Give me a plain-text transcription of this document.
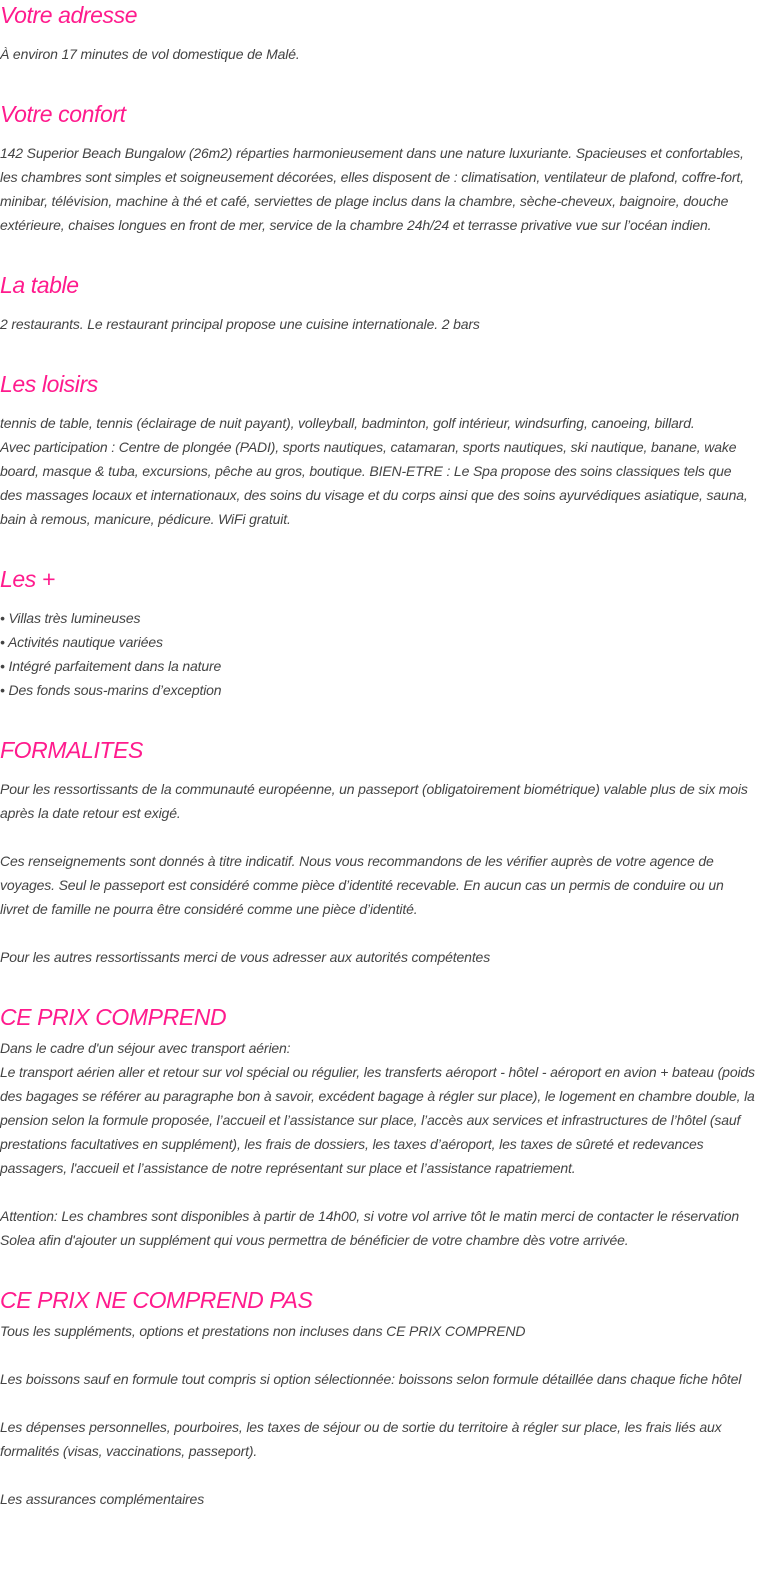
Votre adresse

À environ 17 minutes de vol domestique de Malé.

Votre confort

142 Superior Beach Bungalow (26m2) réparties harmonieusement dans une nature luxuriante. Spacieuses et confortables, les chambres sont simples et soigneusement décorées, elles disposent de : climatisation, ventilateur de plafond, coffre-fort, minibar, télévision, machine à thé et café, serviettes de plage inclus dans la chambre, sèche-cheveux, baignoire, douche extérieure, chaises longues en front de mer, service de la chambre 24h/24 et terrasse privative vue sur l’océan indien.

La table

2 restaurants. Le restaurant principal propose une cuisine internationale. 2 bars

Les loisirs

tennis de table, tennis (éclairage de nuit payant), volleyball, badminton, golf intérieur, windsurfing, canoeing, billard.

Avec participation : Centre de plongée (PADI), sports nautiques, catamaran, sports nautiques, ski nautique, banane, wake board, masque & tuba, excursions, pêche au gros, boutique. BIEN-ETRE : Le Spa propose des soins classiques tels que des massages locaux et internationaux, des soins du visage et du corps ainsi que des soins ayurvédiques asiatique, sauna, bain à remous, manicure, pédicure. WiFi gratuit.

Les +

• Villas très lumineuses

• Activités nautique variées

• Intégré parfaitement dans la nature

• Des fonds sous-marins d’exception

FORMALITES

Pour les ressortissants de la communauté européenne, un passeport (obligatoirement biométrique) valable plus de six mois après la date retour est exigé.

Ces renseignements sont donnés à titre indicatif. Nous vous recommandons de les vérifier auprès de votre agence de voyages. Seul le passeport est considéré comme pièce d’identité recevable. En aucun cas un permis de conduire ou un livret de famille ne pourra être considéré comme une pièce d’identité.

Pour les autres ressortissants merci de vous adresser aux autorités compétentes

CE PRIX COMPREND

Dans le cadre d'un séjour avec transport aérien:

Le transport aérien aller et retour sur vol spécial ou régulier, les transferts aéroport - hôtel - aéroport en avion + bateau (poids des bagages se référer au paragraphe bon à savoir, excédent bagage à régler sur place), le logement en chambre double, la pension selon la formule proposée, l’accueil et l’assistance sur place, l’accès aux services et infrastructures de l’hôtel (sauf prestations facultatives en supplément), les frais de dossiers, les taxes d’aéroport, les taxes de sûreté et redevances passagers, l'accueil et l’assistance de notre représentant sur place et l’assistance rapatriement.

Attention: Les chambres sont disponibles à partir de 14h00, si votre vol arrive tôt le matin merci de contacter le réservation Solea afin d'ajouter un supplément qui vous permettra de bénéficier de votre chambre dès votre arrivée.

CE PRIX NE COMPREND PAS

Tous les suppléments, options et prestations non incluses dans CE PRIX COMPREND

Les boissons sauf en formule tout compris si option sélectionnée: boissons selon formule détaillée dans chaque fiche hôtel

Les dépenses personnelles, pourboires, les taxes de séjour ou de sortie du territoire à régler sur place, les frais liés aux formalités (visas, vaccinations, passeport).

Les assurances complémentaires
